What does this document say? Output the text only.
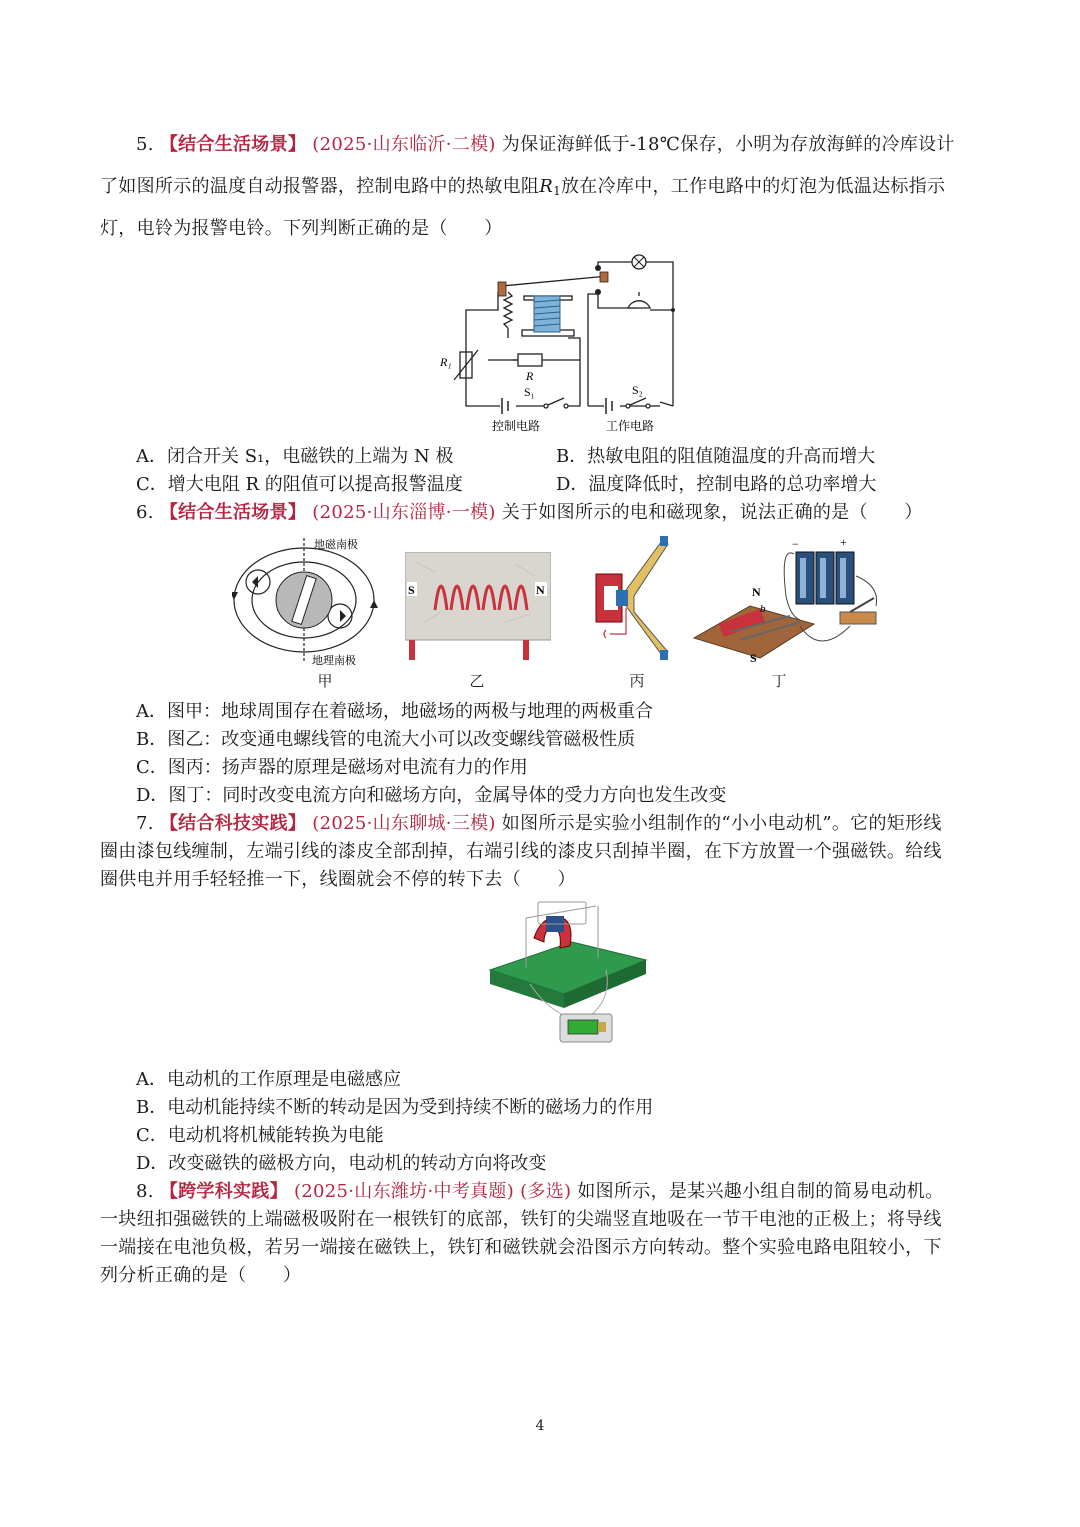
5. 【结合生活场景】 (2025·山东临沂·二模) 为保证海鲜低于-18℃保存，小明为存放海鲜的冷库设计
了如图所示的温度自动报警器，控制电路中的热敏电阻$R_1$放在冷库中，工作电路中的灯泡为低温达标指示
灯，电铃为报警电铃。下列判断正确的是（　　）
R₁
R
S₁	S₂
控制电路	工作电路
A．闭合开关 S₁，电磁铁的上端为 N 极	B．热敏电阻的阻值随温度的升高而增大
C．增大电阻 R 的阻值可以提高报警温度	D．温度降低时，控制电路的总功率增大
6. 【结合生活场景】 (2025·山东淄博·一模) 关于如图所示的电和磁现象，说法正确的是（　　）
地磁南极
地理南极
S	N	N
b
S
−	+
甲	乙	丙	丁
A．图甲：地球周围存在着磁场，地磁场的两极与地理的两极重合
B．图乙：改变通电螺线管的电流大小可以改变螺线管磁极性质
C．图丙：扬声器的原理是磁场对电流有力的作用
D．图丁：同时改变电流方向和磁场方向，金属导体的受力方向也发生改变
7. 【结合科技实践】 (2025·山东聊城·三模) 如图所示是实验小组制作的“小小电动机”。它的矩形线
圈由漆包线缠制，左端引线的漆皮全部刮掉，右端引线的漆皮只刮掉半圈，在下方放置一个强磁铁。给线
圈供电并用手轻轻推一下，线圈就会不停的转下去（　　）
A．电动机的工作原理是电磁感应
B．电动机能持续不断的转动是因为受到持续不断的磁场力的作用
C．电动机将机械能转换为电能
D．改变磁铁的磁极方向，电动机的转动方向将改变
8. 【跨学科实践】 (2025·山东潍坊·中考真题) (多选) 如图所示，是某兴趣小组自制的简易电动机。
一块纽扣强磁铁的上端磁极吸附在一根铁钉的底部，铁钉的尖端竖直地吸在一节干电池的正极上；将导线
一端接在电池负极，若另一端接在磁铁上，铁钉和磁铁就会沿图示方向转动。整个实验电路电阻较小，下
列分析正确的是（　　）
4
